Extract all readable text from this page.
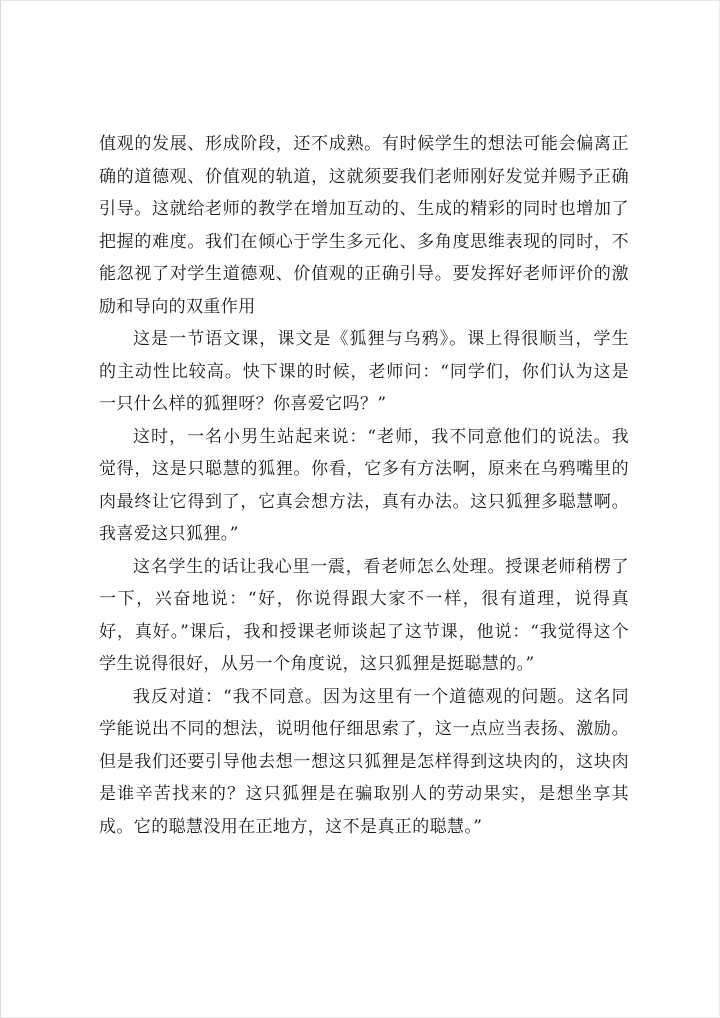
值观的发展、形成阶段，还不成熟。有时候学生的想法可能会偏离正确的道德观、价值观的轨道，这就须要我们老师刚好发觉并赐予正确引导。这就给老师的教学在增加互动的、生成的精彩的同时也增加了把握的难度。我们在倾心于学生多元化、多角度思维表现的同时，不能忽视了对学生道德观、价值观的正确引导。要发挥好老师评价的激励和导向的双重作用

这是一节语文课，课文是《狐狸与乌鸦》。课上得很顺当，学生的主动性比较高。快下课的时候，老师问：“同学们，你们认为这是一只什么样的狐狸呀？你喜爱它吗？”

这时，一名小男生站起来说：“老师，我不同意他们的说法。我觉得，这是只聪慧的狐狸。你看，它多有方法啊，原来在乌鸦嘴里的肉最终让它得到了，它真会想方法，真有办法。这只狐狸多聪慧啊。我喜爱这只狐狸。”

这名学生的话让我心里一震，看老师怎么处理。授课老师稍楞了一下，兴奋地说：“好，你说得跟大家不一样，很有道理，说得真好，真好。”课后，我和授课老师谈起了这节课，他说：“我觉得这个学生说得很好，从另一个角度说，这只狐狸是挺聪慧的。”

我反对道：“我不同意。因为这里有一个道德观的问题。这名同学能说出不同的想法，说明他仔细思索了，这一点应当表扬、激励。但是我们还要引导他去想一想这只狐狸是怎样得到这块肉的，这块肉是谁辛苦找来的？这只狐狸是在骗取别人的劳动果实，是想坐享其成。它的聪慧没用在正地方，这不是真正的聪慧。”
